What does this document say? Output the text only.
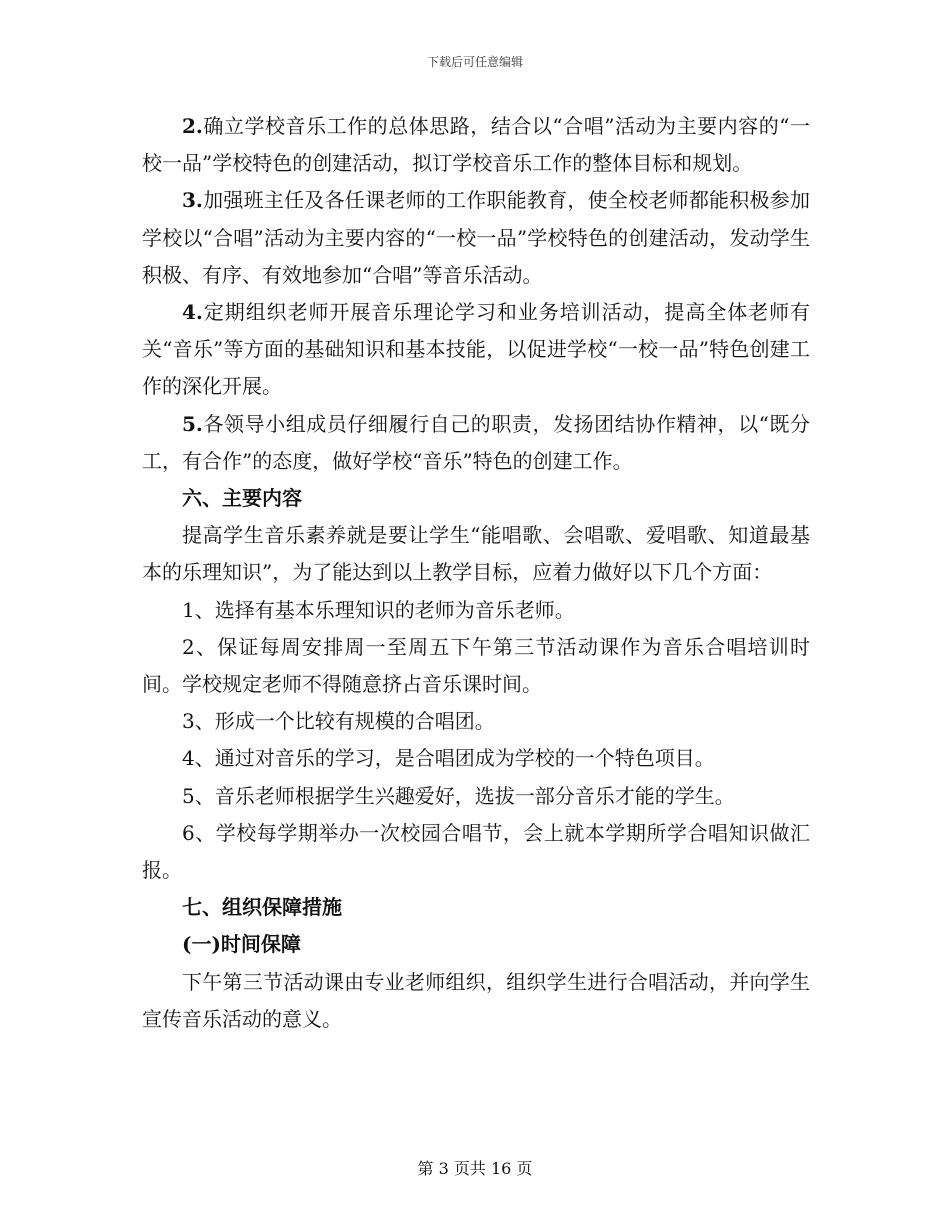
下载后可任意编辑

2.确立学校音乐工作的总体思路，结合以“合唱”活动为主要内容的“一校一品”学校特色的创建活动，拟订学校音乐工作的整体目标和规划。

3.加强班主任及各任课老师的工作职能教育，使全校老师都能积极参加学校以“合唱”活动为主要内容的“一校一品”学校特色的创建活动，发动学生积极、有序、有效地参加“合唱”等音乐活动。

4.定期组织老师开展音乐理论学习和业务培训活动，提高全体老师有关“音乐”等方面的基础知识和基本技能，以促进学校“一校一品”特色创建工作的深化开展。

5.各领导小组成员仔细履行自己的职责，发扬团结协作精神，以“既分工，有合作”的态度，做好学校“音乐”特色的创建工作。

六、主要内容

提高学生音乐素养就是要让学生“能唱歌、会唱歌、爱唱歌、知道最基本的乐理知识”，为了能达到以上教学目标，应着力做好以下几个方面：

1、选择有基本乐理知识的老师为音乐老师。

2、保证每周安排周一至周五下午第三节活动课作为音乐合唱培训时间。学校规定老师不得随意挤占音乐课时间。

3、形成一个比较有规模的合唱团。

4、通过对音乐的学习，是合唱团成为学校的一个特色项目。

5、音乐老师根据学生兴趣爱好，选拔一部分音乐才能的学生。

6、学校每学期举办一次校园合唱节，会上就本学期所学合唱知识做汇报。

七、组织保障措施

(一)时间保障

下午第三节活动课由专业老师组织，组织学生进行合唱活动，并向学生宣传音乐活动的意义。

第 3 页共 16 页
